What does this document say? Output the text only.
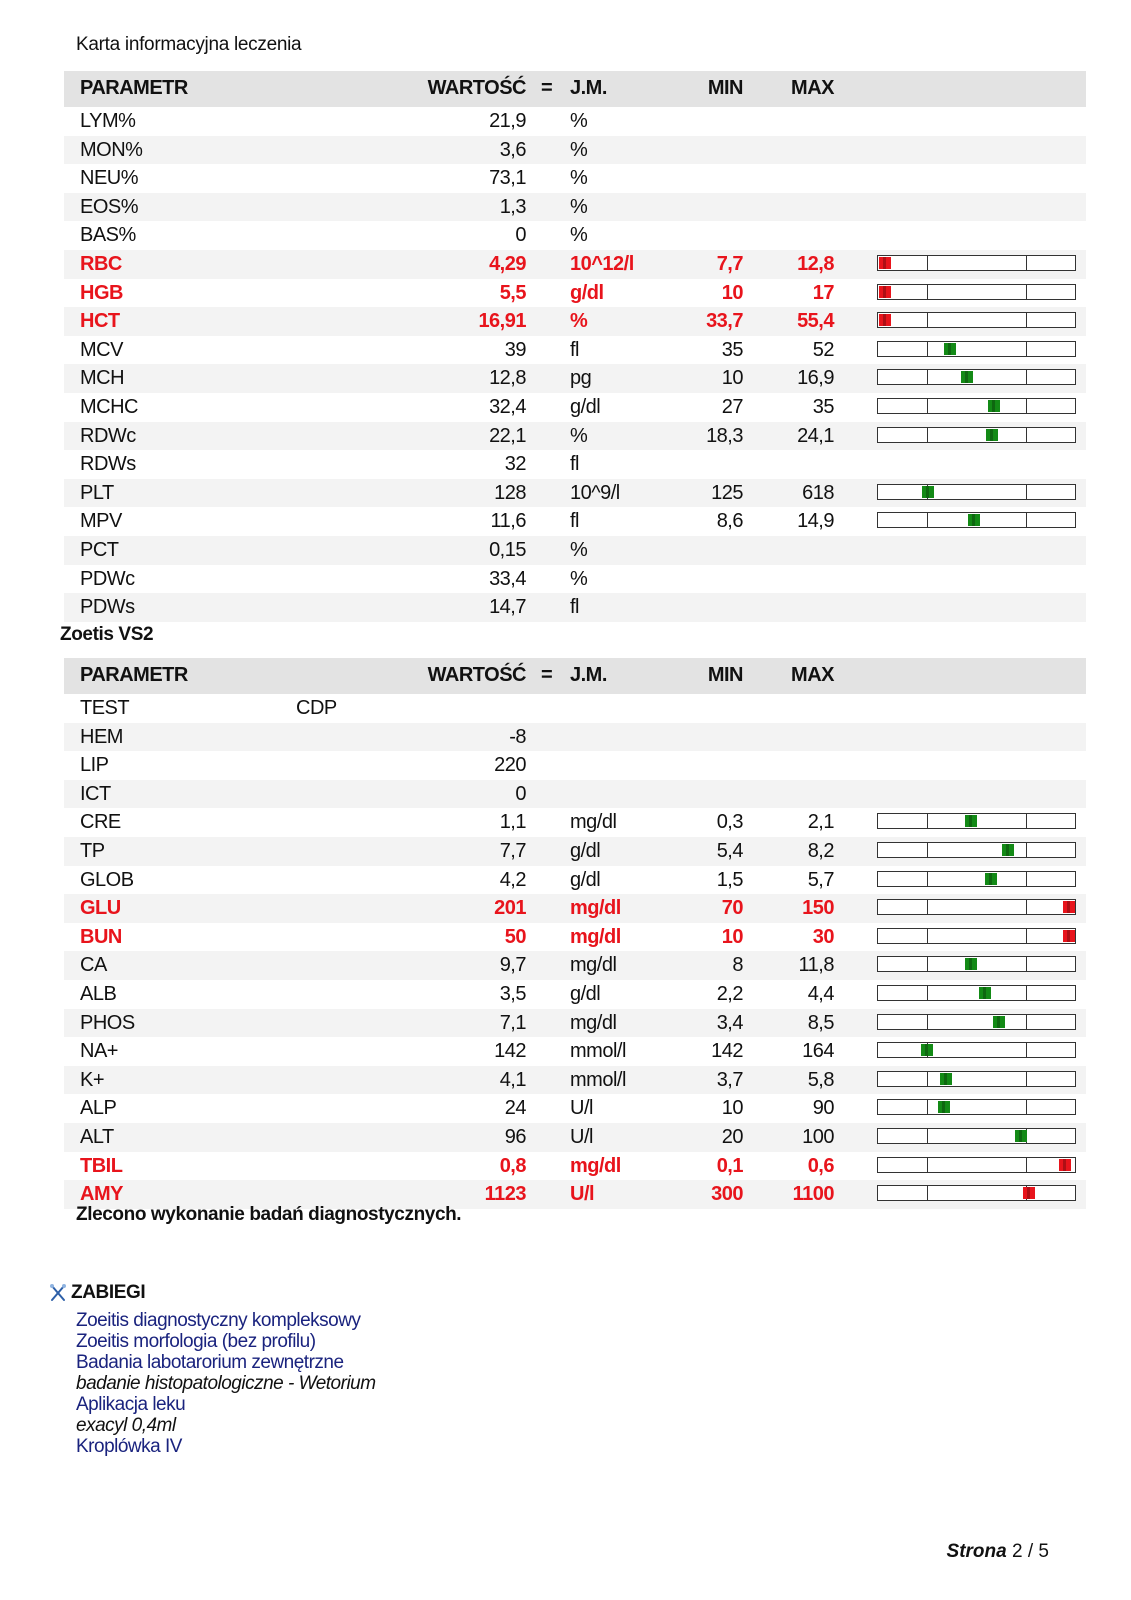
Karta informacyjna leczenia
PARAMETR	WARTOŚĆ = J.M.	MIN MAX
LYM%	21,9 %
MON%	3,6 %
NEU%	73,1 %
EOS%	1,3 %
BAS%	0 %
RBC	4,29 10^12/l	7,7	12,8
HGB	5,5 g/dl	10	17
HCT	16,91 %	33,7	55,4
MCV	39 fl	35	52
MCH	12,8 pg	10	16,9
MCHC	32,4 g/dl	27	35
RDWc	22,1 %	18,3	24,1
RDWs	32 fl
PLT	128 10^9/l	125	618
MPV	11,6 fl	8,6	14,9
PCT	0,15 %
PDWc	33,4 %
PDWs	14,7 fl
Zoetis VS2
PARAMETR	WARTOŚĆ = J.M.	MIN MAX
TEST	CDP
HEM	-8
LIP	220
ICT	0
CRE	1,1 mg/dl	0,3	2,1
TP	7,7 g/dl	5,4	8,2
GLOB	4,2 g/dl	1,5	5,7
GLU	201 mg/dl	70	150
BUN	50 mg/dl	10	30
CA	9,7 mg/dl	8	11,8
ALB	3,5 g/dl	2,2	4,4
PHOS	7,1 mg/dl	3,4	8,5
NA+	142 mmol/l	142	164
K+	4,1 mmol/l	3,7	5,8
ALP	24 U/l	10	90
ALT	96 U/l	20	100
TBIL	0,8 mg/dl	0,1	0,6
AMY	1123 U/l	300 1100
Zlecono wykonanie badań diagnostycznych.
ZABIEGI
Zoeitis diagnostyczny kompleksowy
Zoeitis morfologia (bez profilu)
Badania labotarorium zewnętrzne
badanie histopatologiczne - Wetorium
Aplikacja leku
exacyl 0,4ml
Kroplówka IV
Strona 2 / 5
